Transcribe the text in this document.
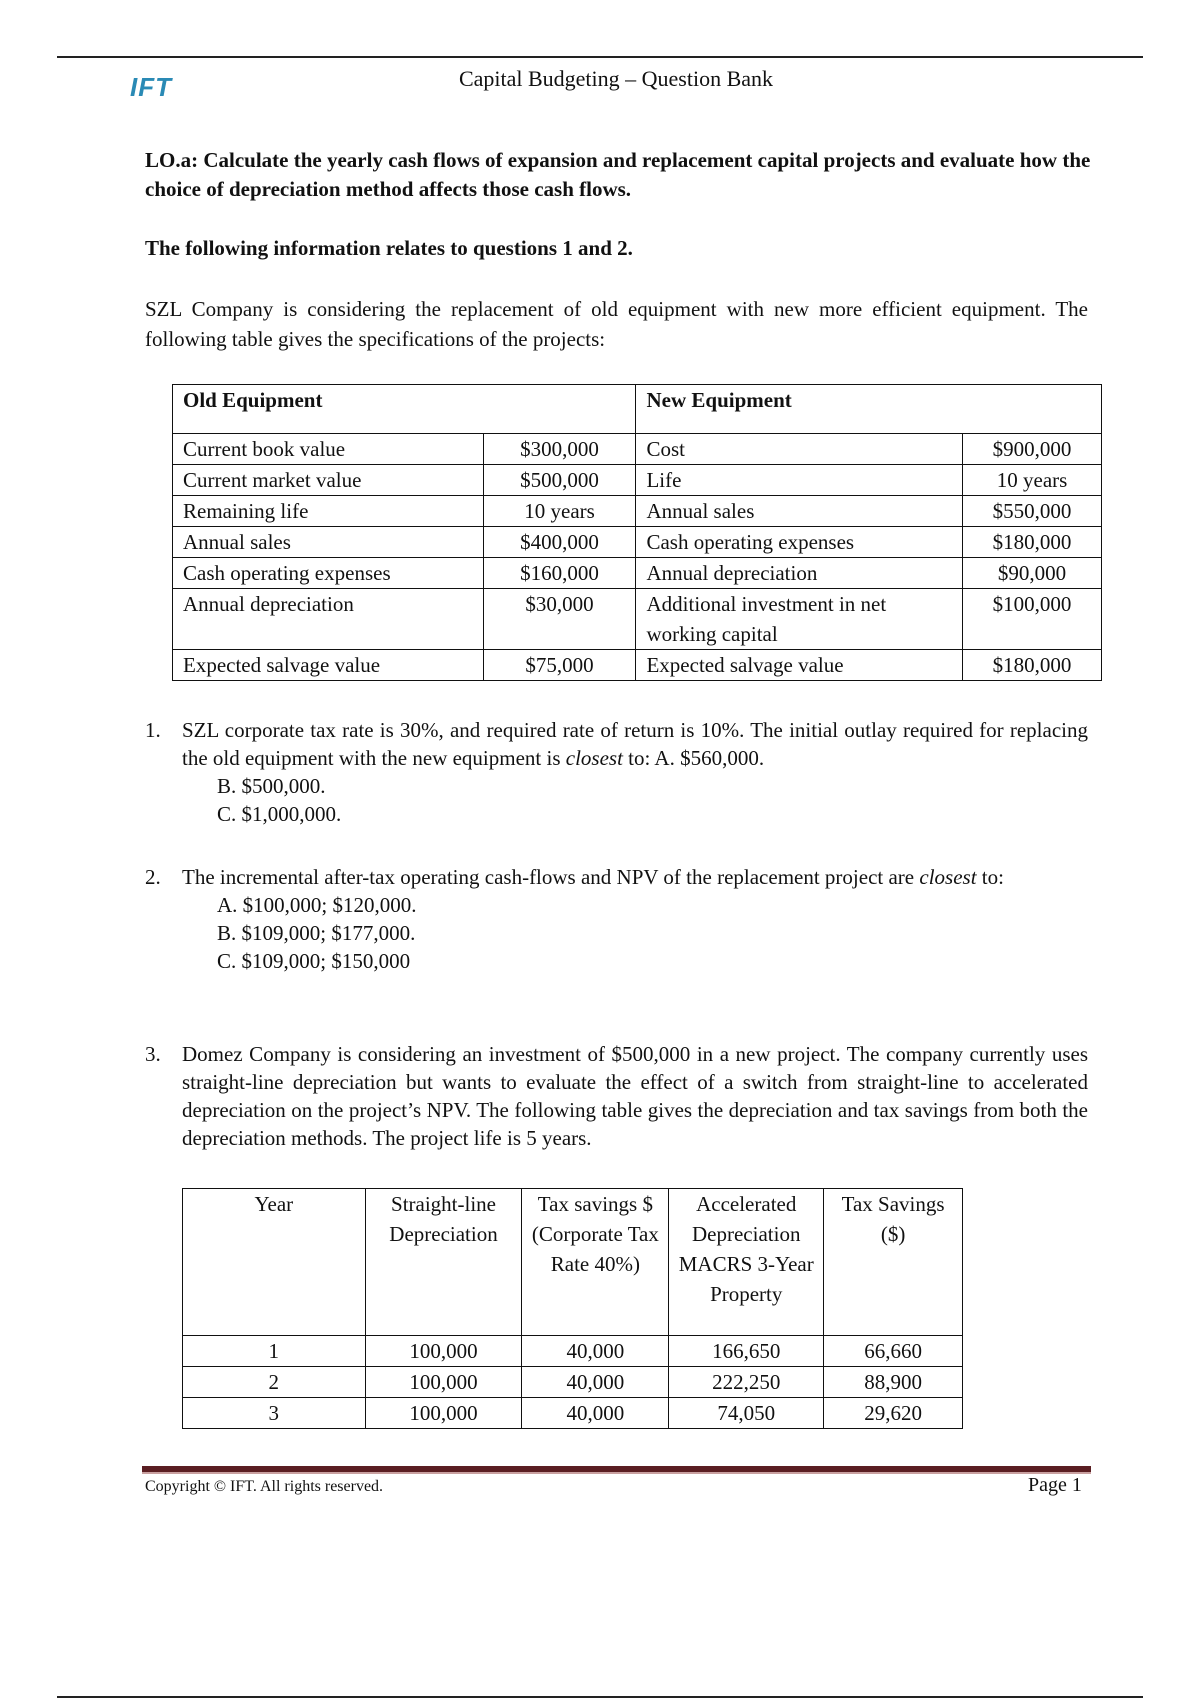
IFT	Capital Budgeting – Question Bank
LO.a: Calculate the yearly cash flows of expansion and replacement capital projects and evaluate how the choice of depreciation method affects those cash flows.
The following information relates to questions 1 and 2.
SZL Company is considering the replacement of old equipment with new more efficient equipment. The following table gives the specifications of the projects:
Old Equipment		New Equipment	
Current book value	$300,000	Cost	$900,000
Current market value	$500,000	Life	10 years
Remaining life	10 years	Annual sales	$550,000
Annual sales	$400,000	Cash operating expenses	$180,000
Cash operating expenses	$160,000	Annual depreciation	$90,000
Annual depreciation	$30,000	Additional investment in net working capital	$100,000
Expected salvage value	$75,000	Expected salvage value	$180,000
1. SZL corporate tax rate is 30%, and required rate of return is 10%. The initial outlay required for replacing the old equipment with the new equipment is closest to: A. $560,000.
B. $500,000.
C. $1,000,000.
2. The incremental after-tax operating cash-flows and NPV of the replacement project are closest to:
A. $100,000; $120,000.
B. $109,000; $177,000.
C. $109,000; $150,000
3. Domez Company is considering an investment of $500,000 in a new project. The company currently uses straight-line depreciation but wants to evaluate the effect of a switch from straight-line to accelerated depreciation on the project’s NPV. The following table gives the depreciation and tax savings from both the depreciation methods. The project life is 5 years.
Year	Straight-line Depreciation	Tax savings $ (Corporate Tax Rate 40%)	Accelerated Depreciation MACRS 3-Year Property	Tax Savings ($)
1	100,000	40,000	166,650	66,660
2	100,000	40,000	222,250	88,900
3	100,000	40,000	74,050	29,620
Copyright © IFT. All rights reserved.	Page 1
